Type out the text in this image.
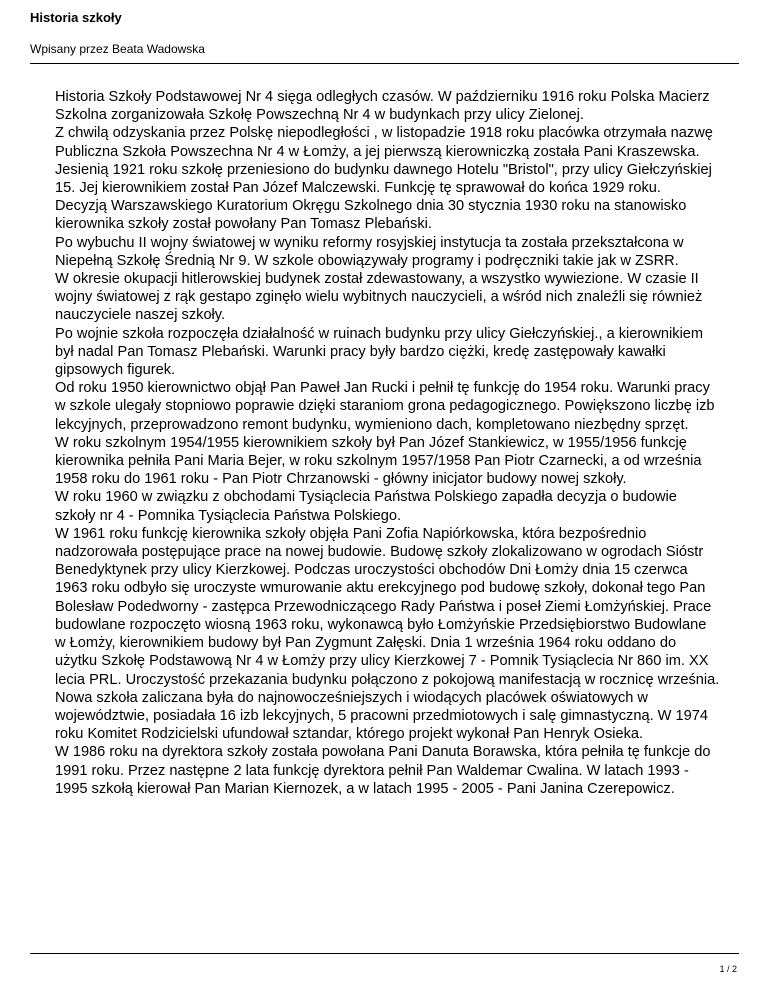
Historia szkoły
Wpisany przez Beata Wadowska

Historia Szkoły Podstawowej Nr 4 sięga odległych czasów. W październiku 1916 roku Polska Macierz Szkolna zorganizowała Szkołę Powszechną Nr 4 w budynkach przy ulicy Zielonej.

Z chwilą odzyskania przez Polskę niepodległości , w listopadzie 1918 roku placówka otrzymała nazwę Publiczna Szkoła Powszechna Nr 4 w Łomży, a jej pierwszą kierowniczką została Pani Kraszewska.

Jesienią 1921 roku szkołę przeniesiono do budynku dawnego Hotelu "Bristol", przy ulicy Giełczyńskiej 15. Jej kierownikiem został Pan Józef Malczewski. Funkcję tę sprawował do końca 1929 roku.

Decyzją Warszawskiego Kuratorium Okręgu Szkolnego dnia 30 stycznia 1930 roku na stanowisko kierownika szkoły został powołany Pan Tomasz Plebański.

Po wybuchu II wojny światowej w wyniku reformy rosyjskiej instytucja ta została przekształcona w Niepełną Szkołę Średnią Nr 9. W szkole obowiązywały programy i podręczniki takie jak w ZSRR.

W okresie okupacji hitlerowskiej budynek został zdewastowany, a wszystko wywiezione. W czasie II wojny światowej z rąk gestapo zginęło wielu wybitnych nauczycieli, a wśród nich znaleźli się również nauczyciele naszej szkoły.

Po wojnie szkoła rozpoczęła działalność w ruinach budynku przy ulicy Giełczyńskiej., a kierownikiem był nadal Pan Tomasz Plebański. Warunki pracy były bardzo ciężki, kredę zastępowały kawałki gipsowych figurek.

Od roku 1950 kierownictwo objął Pan Paweł Jan Rucki i pełnił tę funkcję do 1954 roku. Warunki pracy w szkole ulegały stopniowo poprawie dzięki staraniom grona pedagogicznego. Powiększono liczbę izb lekcyjnych, przeprowadzono remont budynku, wymieniono dach, kompletowano niezbędny sprzęt.

W roku szkolnym 1954/1955 kierownikiem szkoły był Pan Józef Stankiewicz, w 1955/1956 funkcję kierownika pełniła Pani Maria Bejer, w roku szkolnym 1957/1958 Pan Piotr Czarnecki, a od września 1958 roku do 1961 roku - Pan Piotr Chrzanowski - główny inicjator budowy nowej szkoły.

W roku 1960 w związku z obchodami Tysiąclecia Państwa Polskiego zapadła decyzja o budowie szkoły nr 4 - Pomnika Tysiąclecia Państwa Polskiego.

W 1961 roku funkcję kierownika szkoły objęła Pani Zofia Napiórkowska, która bezpośrednio nadzorowała postępujące prace na nowej budowie. Budowę szkoły zlokalizowano w ogrodach Sióstr Benedyktynek przy ulicy Kierzkowej. Podczas uroczystości obchodów Dni Łomży dnia 15 czerwca 1963 roku odbyło się uroczyste wmurowanie aktu erekcyjnego pod budowę szkoły, dokonał tego Pan Bolesław Podedworny - zastępca Przewodniczącego Rady Państwa i poseł Ziemi Łomżyńskiej. Prace budowlane rozpoczęto wiosną 1963 roku, wykonawcą było Łomżyńskie Przedsiębiorstwo Budowlane w Łomży, kierownikiem budowy był Pan Zygmunt Załęski. Dnia 1 września 1964 roku oddano do użytku Szkołę Podstawową Nr 4 w Łomży przy ulicy Kierzkowej 7 - Pomnik Tysiąclecia Nr 860 im. XX lecia PRL. Uroczystość przekazania budynku połączono z pokojową manifestacją w rocznicę września. Nowa szkoła zaliczana była do najnowocześniejszych i wiodących placówek oświatowych w województwie, posiadała 16 izb lekcyjnych, 5 pracowni przedmiotowych i salę gimnastyczną. W 1974 roku Komitet Rodzicielski ufundował sztandar, którego projekt wykonał Pan Henryk Osieka.

W 1986 roku na dyrektora szkoły została powołana Pani Danuta Borawska, która pełniła tę funkcje do 1991 roku. Przez następne 2 lata funkcję dyrektora pełnił Pan Waldemar Cwalina. W latach 1993 - 1995 szkołą kierował Pan Marian Kiernozek, a w latach 1995 - 2005 - Pani Janina Czerepowicz.

1 / 2
